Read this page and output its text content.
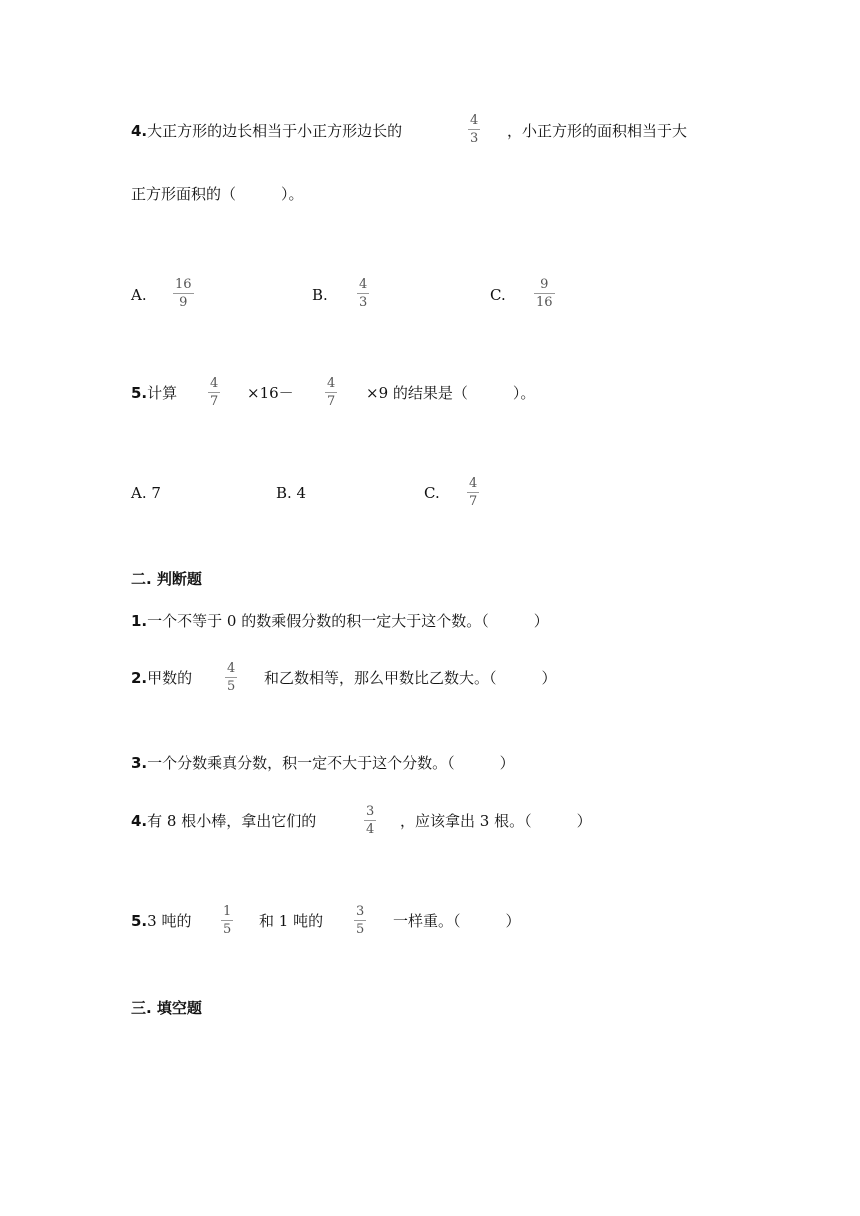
4.大正方形的边长相当于小正方形边长的
4
3 ，小正方形的面积相当于大
正方形面积的（　　　）。
A.
16
9	B.
4
3	C.
9
16
5.计算
4
7 ×16－
4
7 ×9 的结果是（　　　）。
A. 7	B. 4	C.
4
7
二. 判断题
1.一个不等于 0 的数乘假分数的积一定大于这个数。（　　　）
2.甲数的
4
5 和乙数相等，那么甲数比乙数大。（　　　）
3.一个分数乘真分数，积一定不大于这个分数。（　　　）
4.有 8 根小棒，拿出它们的
3
4 ，应该拿出 3 根。（　　　）
5.3 吨的
1
5 和 1 吨的
3
5 一样重。（　　　）
三. 填空题
